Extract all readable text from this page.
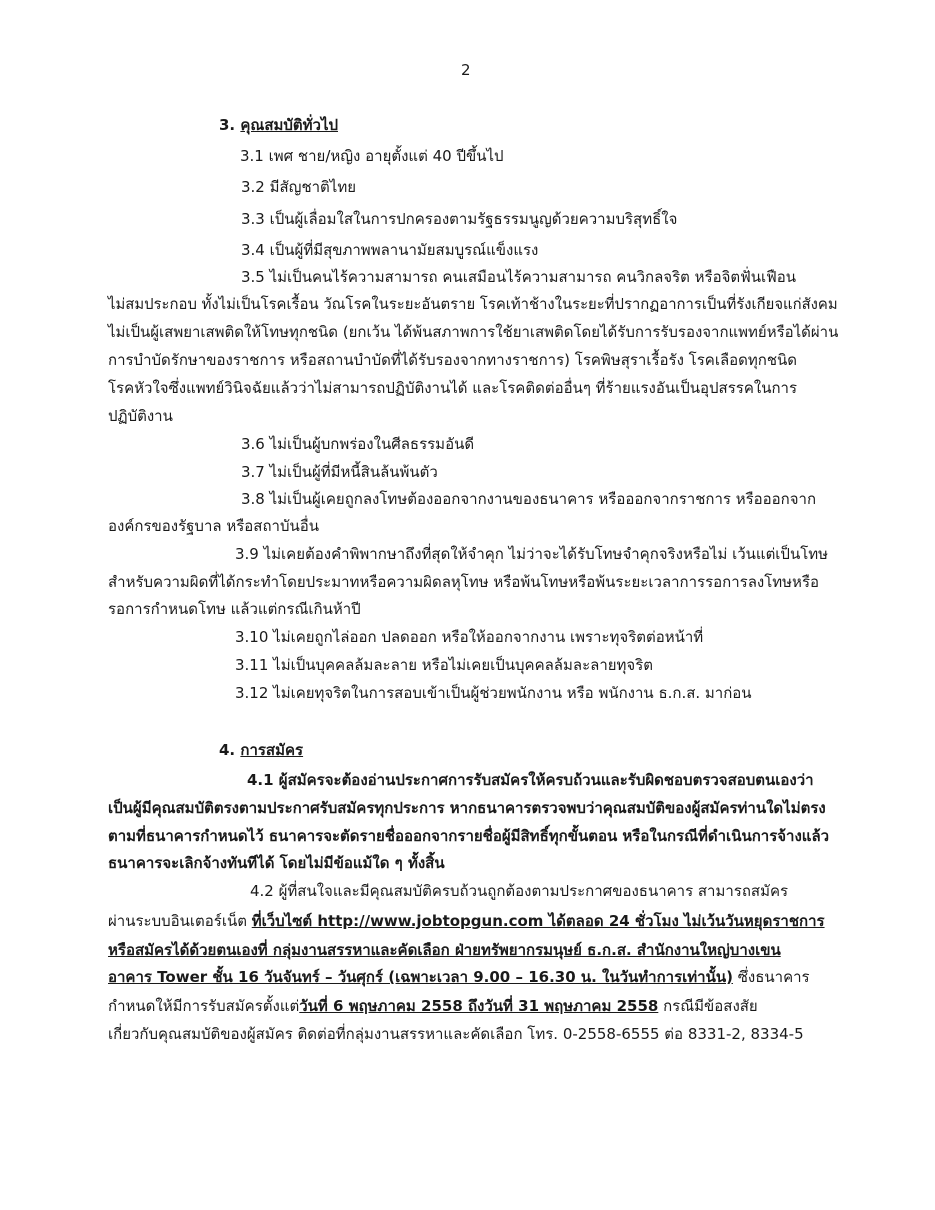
2
3. คุณสมบัติทั่วไป
3.1 เพศ ชาย/หญิง อายุตั้งแต่ 40 ปีขึ้นไป
3.2 มีสัญชาติไทย
3.3 เป็นผู้เลื่อมใสในการปกครองตามรัฐธรรมนูญด้วยความบริสุทธิ์ใจ
3.4 เป็นผู้ที่มีสุขภาพพลานามัยสมบูรณ์แข็งแรง
3.5 ไม่เป็นคนไร้ความสามารถ คนเสมือนไร้ความสามารถ คนวิกลจริต หรือจิตฟั่นเฟือน
ไม่สมประกอบ ทั้งไม่เป็นโรคเรื้อน วัณโรคในระยะอันตราย โรคเท้าช้างในระยะที่ปรากฏอาการเป็นที่รังเกียจแก่สังคม
ไม่เป็นผู้เสพยาเสพติดให้โทษทุกชนิด (ยกเว้น ได้พ้นสภาพการใช้ยาเสพติดโดยได้รับการรับรองจากแพทย์หรือได้ผ่าน
การบำบัดรักษาของราชการ หรือสถานบำบัดที่ได้รับรองจากทางราชการ) โรคพิษสุราเรื้อรัง โรคเลือดทุกชนิด
โรคหัวใจซึ่งแพทย์วินิจฉัยแล้วว่าไม่สามารถปฏิบัติงานได้ และโรคติดต่ออื่นๆ ที่ร้ายแรงอันเป็นอุปสรรคในการ
ปฏิบัติงาน
3.6 ไม่เป็นผู้บกพร่องในศีลธรรมอันดี
3.7 ไม่เป็นผู้ที่มีหนี้สินล้นพ้นตัว
3.8 ไม่เป็นผู้เคยถูกลงโทษต้องออกจากงานของธนาคาร หรือออกจากราชการ หรือออกจาก
องค์กรของรัฐบาล หรือสถาบันอื่น
3.9 ไม่เคยต้องคำพิพากษาถึงที่สุดให้จำคุก ไม่ว่าจะได้รับโทษจำคุกจริงหรือไม่ เว้นแต่เป็นโทษ
สำหรับความผิดที่ได้กระทำโดยประมาทหรือความผิดลหุโทษ หรือพ้นโทษหรือพ้นระยะเวลาการรอการลงโทษหรือ
รอการกำหนดโทษ แล้วแต่กรณีเกินห้าปี
3.10 ไม่เคยถูกไล่ออก ปลดออก หรือให้ออกจากงาน เพราะทุจริตต่อหน้าที่
3.11 ไม่เป็นบุคคลล้มละลาย หรือไม่เคยเป็นบุคคลล้มละลายทุจริต
3.12 ไม่เคยทุจริตในการสอบเข้าเป็นผู้ช่วยพนักงาน หรือ พนักงาน ธ.ก.ส. มาก่อน
4. การสมัคร
4.1 ผู้สมัครจะต้องอ่านประกาศการรับสมัครให้ครบถ้วนและรับผิดชอบตรวจสอบตนเองว่า
เป็นผู้มีคุณสมบัติตรงตามประกาศรับสมัครทุกประการ หากธนาคารตรวจพบว่าคุณสมบัติของผู้สมัครท่านใดไม่ตรง
ตามที่ธนาคารกำหนดไว้ ธนาคารจะตัดรายชื่อออกจากรายชื่อผู้มีสิทธิ์ทุกขั้นตอน หรือในกรณีที่ดำเนินการจ้างแล้ว
ธนาคารจะเลิกจ้างทันทีได้ โดยไม่มีข้อแม้ใด ๆ ทั้งสิ้น
4.2 ผู้ที่สนใจและมีคุณสมบัติครบถ้วนถูกต้องตามประกาศของธนาคาร สามารถสมัคร
ผ่านระบบอินเตอร์เน็ต ที่เว็บไซต์ http://www.jobtopgun.com ได้ตลอด 24 ชั่วโมง ไม่เว้นวันหยุดราชการ
หรือสมัครได้ด้วยตนเองที่ กลุ่มงานสรรหาและคัดเลือก ฝ่ายทรัพยากรมนุษย์ ธ.ก.ส. สำนักงานใหญ่บางเขน
อาคาร Tower ชั้น 16 วันจันทร์ – วันศุกร์ (เฉพาะเวลา 9.00 – 16.30 น. ในวันทำการเท่านั้น) ซึ่งธนาคาร
กำหนดให้มีการรับสมัครตั้งแต่วันที่ 6 พฤษภาคม 2558 ถึงวันที่ 31 พฤษภาคม 2558 กรณีมีข้อสงสัย
เกี่ยวกับคุณสมบัติของผู้สมัคร ติดต่อที่กลุ่มงานสรรหาและคัดเลือก โทร. 0-2558-6555 ต่อ 8331-2, 8334-5
